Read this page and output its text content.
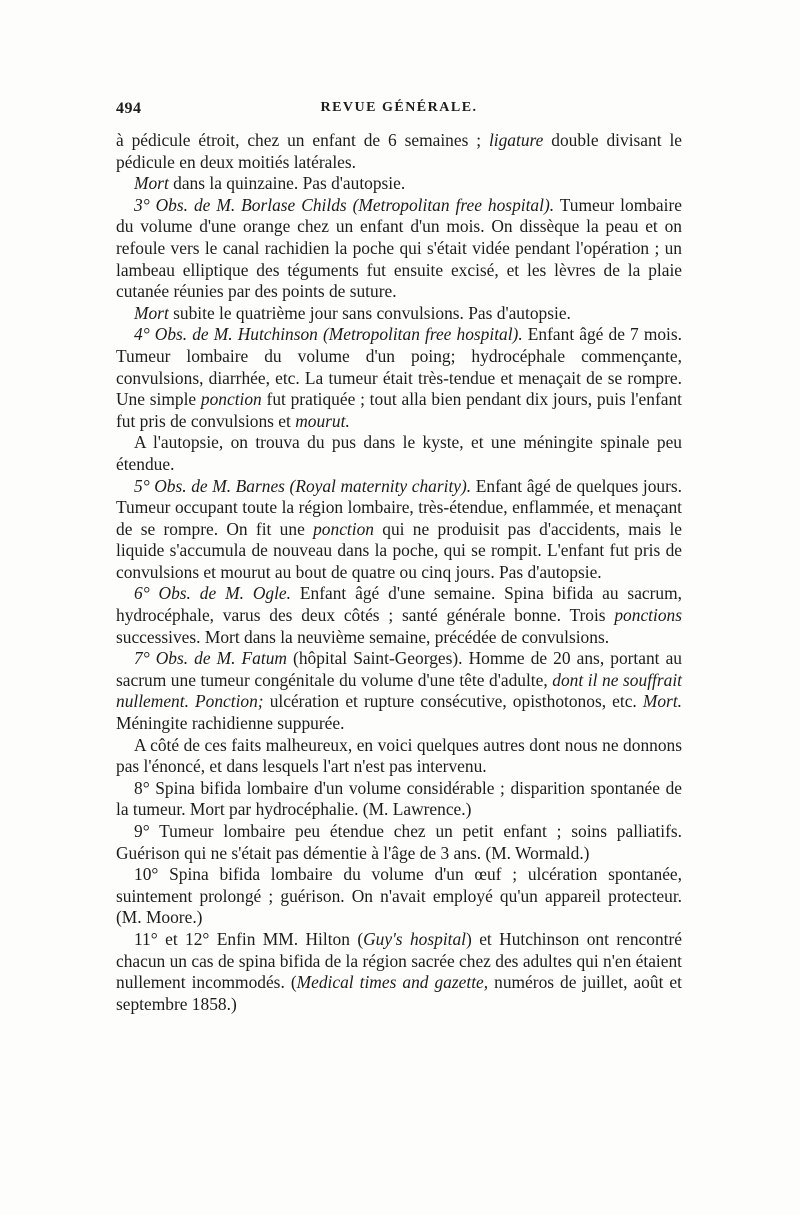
494	REVUE GÉNÉRALE.

à pédicule étroit, chez un enfant de 6 semaines ; ligature double divisant le pédicule en deux moitiés latérales.

Mort dans la quinzaine. Pas d'autopsie.

3° Obs. de M. Borlase Childs (Metropolitan free hospital). Tumeur lombaire du volume d'une orange chez un enfant d'un mois. On dissèque la peau et on refoule vers le canal rachidien la poche qui s'était vidée pendant l'opération ; un lambeau elliptique des téguments fut ensuite excisé, et les lèvres de la plaie cutanée réunies par des points de suture.

Mort subite le quatrième jour sans convulsions. Pas d'autopsie.

4° Obs. de M. Hutchinson (Metropolitan free hospital). Enfant âgé de 7 mois. Tumeur lombaire du volume d'un poing; hydrocéphale commençante, convulsions, diarrhée, etc. La tumeur était très-tendue et menaçait de se rompre. Une simple ponction fut pratiquée ; tout alla bien pendant dix jours, puis l'enfant fut pris de convulsions et mourut.

A l'autopsie, on trouva du pus dans le kyste, et une méningite spinale peu étendue.

5° Obs. de M. Barnes (Royal maternity charity). Enfant âgé de quelques jours. Tumeur occupant toute la région lombaire, très-étendue, enflammée, et menaçant de se rompre. On fit une ponction qui ne produisit pas d'accidents, mais le liquide s'accumula de nouveau dans la poche, qui se rompit. L'enfant fut pris de convulsions et mourut au bout de quatre ou cinq jours. Pas d'autopsie.

6° Obs. de M. Ogle. Enfant âgé d'une semaine. Spina bifida au sacrum, hydrocéphale, varus des deux côtés ; santé générale bonne. Trois ponctions successives. Mort dans la neuvième semaine, précédée de convulsions.

7° Obs. de M. Fatum (hôpital Saint-Georges). Homme de 20 ans, portant au sacrum une tumeur congénitale du volume d'une tête d'adulte, dont il ne souffrait nullement. Ponction; ulcération et rupture consécutive, opisthotonos, etc. Mort. Méningite rachidienne suppurée.

A côté de ces faits malheureux, en voici quelques autres dont nous ne donnons pas l'énoncé, et dans lesquels l'art n'est pas intervenu.

8° Spina bifida lombaire d'un volume considérable ; disparition spontanée de la tumeur. Mort par hydrocéphalie. (M. Lawrence.)

9° Tumeur lombaire peu étendue chez un petit enfant ; soins palliatifs. Guérison qui ne s'était pas démentie à l'âge de 3 ans. (M. Wormald.)

10° Spina bifida lombaire du volume d'un œuf ; ulcération spontanée, suintement prolongé ; guérison. On n'avait employé qu'un appareil protecteur. (M. Moore.)

11° et 12° Enfin MM. Hilton (Guy's hospital) et Hutchinson ont rencontré chacun un cas de spina bifida de la région sacrée chez des adultes qui n'en étaient nullement incommodés. (Medical times and gazette, numéros de juillet, août et septembre 1858.)
